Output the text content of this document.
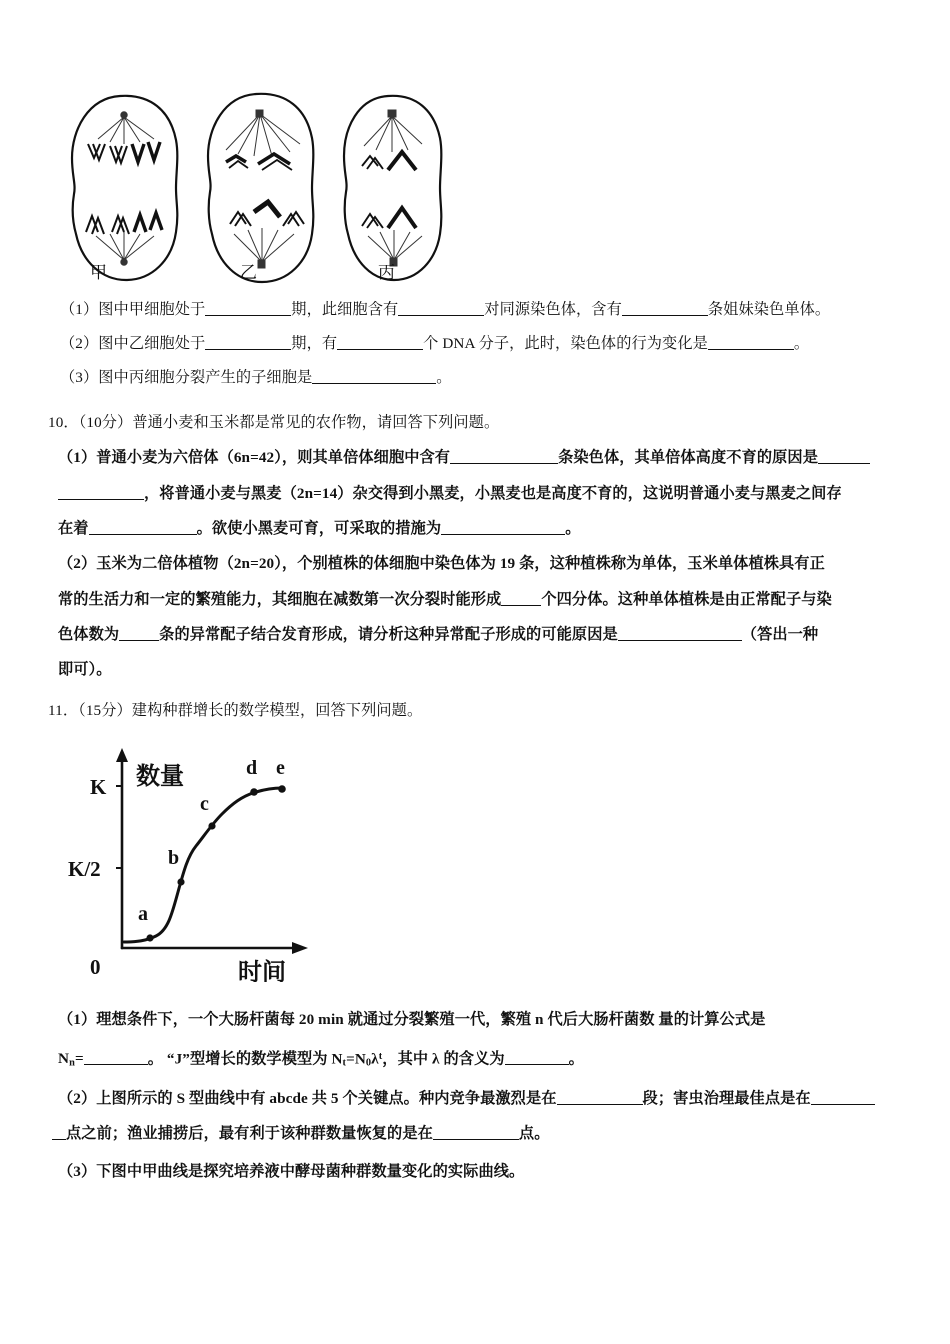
甲	乙	丙
（1）图中甲细胞处于	期，此细胞含有	对同源染色体，含有	条姐妹染色单体。
（2）图中乙细胞处于	期，有	个 DNA 分子，此时，染色体的行为变化是	。
（3）图中丙细胞分裂产生的子细胞是	。
10．（10分）普通小麦和玉米都是常见的农作物，请回答下列问题。
（1）普通小麦为六倍体（6n=42），则其单倍体细胞中含有	条染色体，其单倍体高度不育的原因是
，将普通小麦与黑麦（2n=14）杂交得到小黑麦，小黑麦也是高度不育的，这说明普通小麦与黑麦之间存
在着	。欲使小黑麦可育，可采取的措施为	。
（2）玉米为二倍体植物（2n=20），个别植株的体细胞中染色体为 19 条，这种植株称为单体，玉米单体植株具有正
常的生活力和一定的繁殖能力，其细胞在减数第一次分裂时能形成	个四分体。这种单体植株是由正常配子与染
色体数为	条的异常配子结合发育形成，请分析这种异常配子形成的可能原因是	（答出一种
即可）。
11．（15分）建构种群增长的数学模型，回答下列问题。
K
K/2
0
数量
时间
a
b
c
d e
（1）理想条件下，一个大肠杆菌每 20 min 就通过分裂繁殖一代，繁殖 n 代后大肠杆菌数 量的计算公式是
$N_n=$	。 “J”型增长的数学模型为 $N_t=N_0\lambda^t$，其中 λ 的含义为	。
（2）上图所示的 S 型曲线中有 abcde 共 5 个关键点。种内竞争最激烈是在	段；害虫治理最佳点是在
点之前；渔业捕捞后，最有利于该种群数量恢复的是在	点。
（3）下图中甲曲线是探究培养液中酵母菌种群数量变化的实际曲线。
